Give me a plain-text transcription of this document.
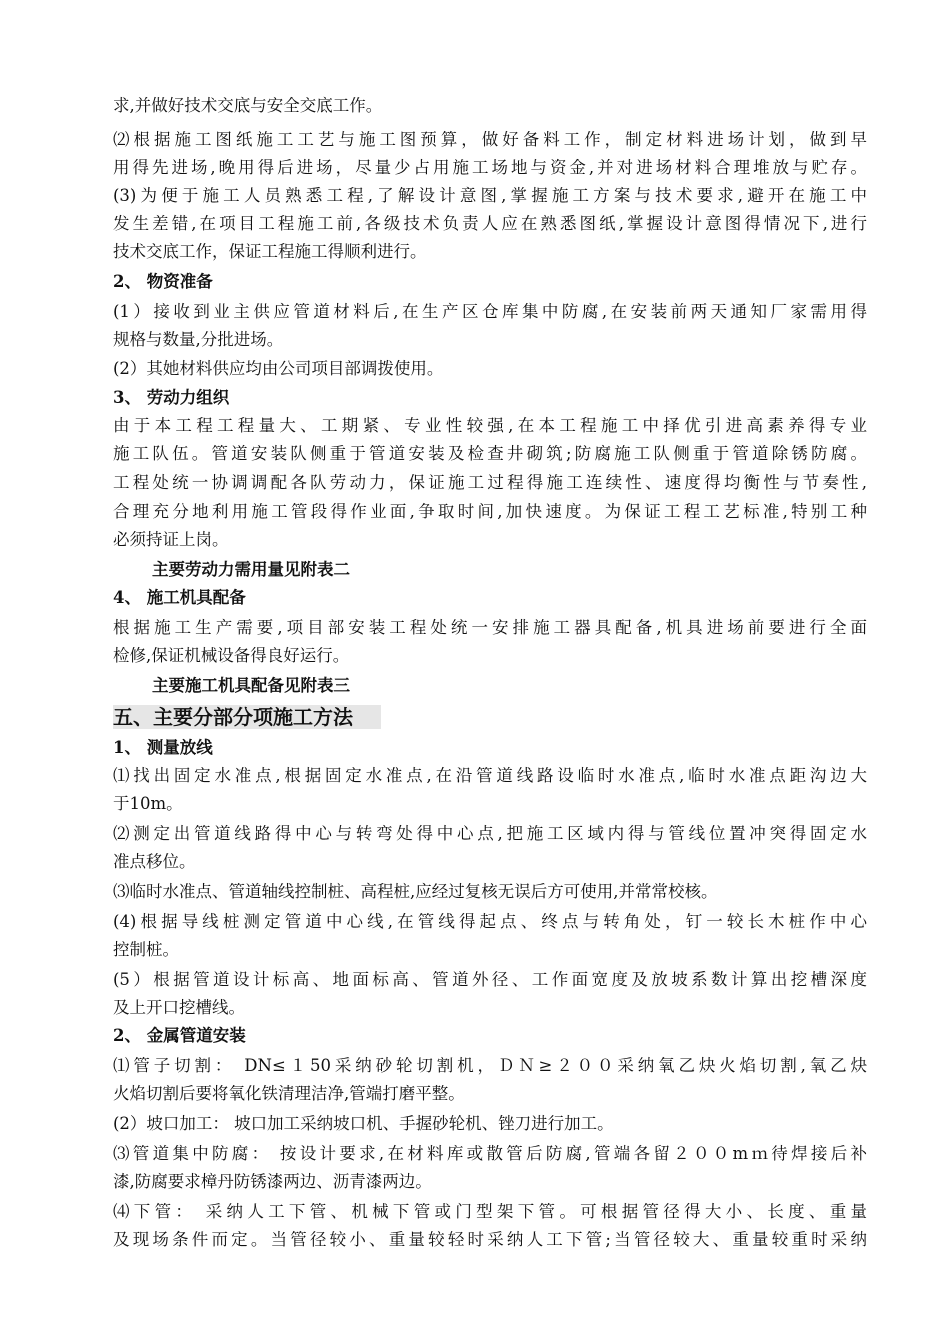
求,并做好技术交底与安全交底工作。
⑵根据施工图纸施工工艺与施工图预算，做好备料工作，制定材料进场计划，做到早
用得先进场,晚用得后进场，尽量少占用施工场地与资金,并对进场材料合理堆放与贮存。
(3)为便于施工人员熟悉工程,了解设计意图,掌握施工方案与技术要求,避开在施工中
发生差错,在项目工程施工前,各级技术负责人应在熟悉图纸,掌握设计意图得情况下,进行
技术交底工作，保证工程施工得顺利进行。
2、 物资准备
(1）接收到业主供应管道材料后,在生产区仓库集中防腐,在安装前两天通知厂家需用得
规格与数量,分批进场。
(2）其她材料供应均由公司项目部调拨使用。
3、 劳动力组织
由于本工程工程量大、工期紧、专业性较强,在本工程施工中择优引进高素养得专业
施工队伍。管道安装队侧重于管道安装及检查井砌筑;防腐施工队侧重于管道除锈防腐。
工程处统一协调调配各队劳动力，保证施工过程得施工连续性、速度得均衡性与节奏性,
合理充分地利用施工管段得作业面,争取时间,加快速度。为保证工程工艺标准,特别工种
必须持证上岗。
主要劳动力需用量见附表二
4、 施工机具配备
根据施工生产需要,项目部安装工程处统一安排施工器具配备,机具进场前要进行全面
检修,保证机械设备得良好运行。
主要施工机具配备见附表三
五、主要分部分项施工方法
1、 测量放线
⑴找出固定水准点,根据固定水准点,在沿管道线路设临时水准点,临时水准点距沟边大
于10m。
⑵测定出管道线路得中心与转弯处得中心点,把施工区域内得与管线位置冲突得固定水
准点移位。
⑶临时水准点、管道轴线控制桩、高程桩,应经过复核无误后方可使用,并常常校核。
(4)根据导线桩测定管道中心线,在管线得起点、终点与转角处，钉一较长木桩作中心
控制桩。
(5）根据管道设计标高、地面标高、管道外径、工作面宽度及放坡系数计算出挖槽深度
及上开口挖槽线。
2、 金属管道安装
⑴管子切割： DN≤１50采纳砂轮切割机，ＤＮ≥２００采纳氧乙炔火焰切割,氧乙炔
火焰切割后要将氧化铁清理洁净,管端打磨平整。
(2）坡口加工： 坡口加工采纳坡口机、手握砂轮机、锉刀进行加工。
⑶管道集中防腐： 按设计要求,在材料库或散管后防腐,管端各留２００mｍ待焊接后补
漆,防腐要求樟丹防锈漆两边、沥青漆两边。
⑷下管： 采纳人工下管、机械下管或门型架下管。可根据管径得大小、长度、重量
及现场条件而定。当管径较小、重量较轻时采纳人工下管;当管径较大、重量较重时采纳
